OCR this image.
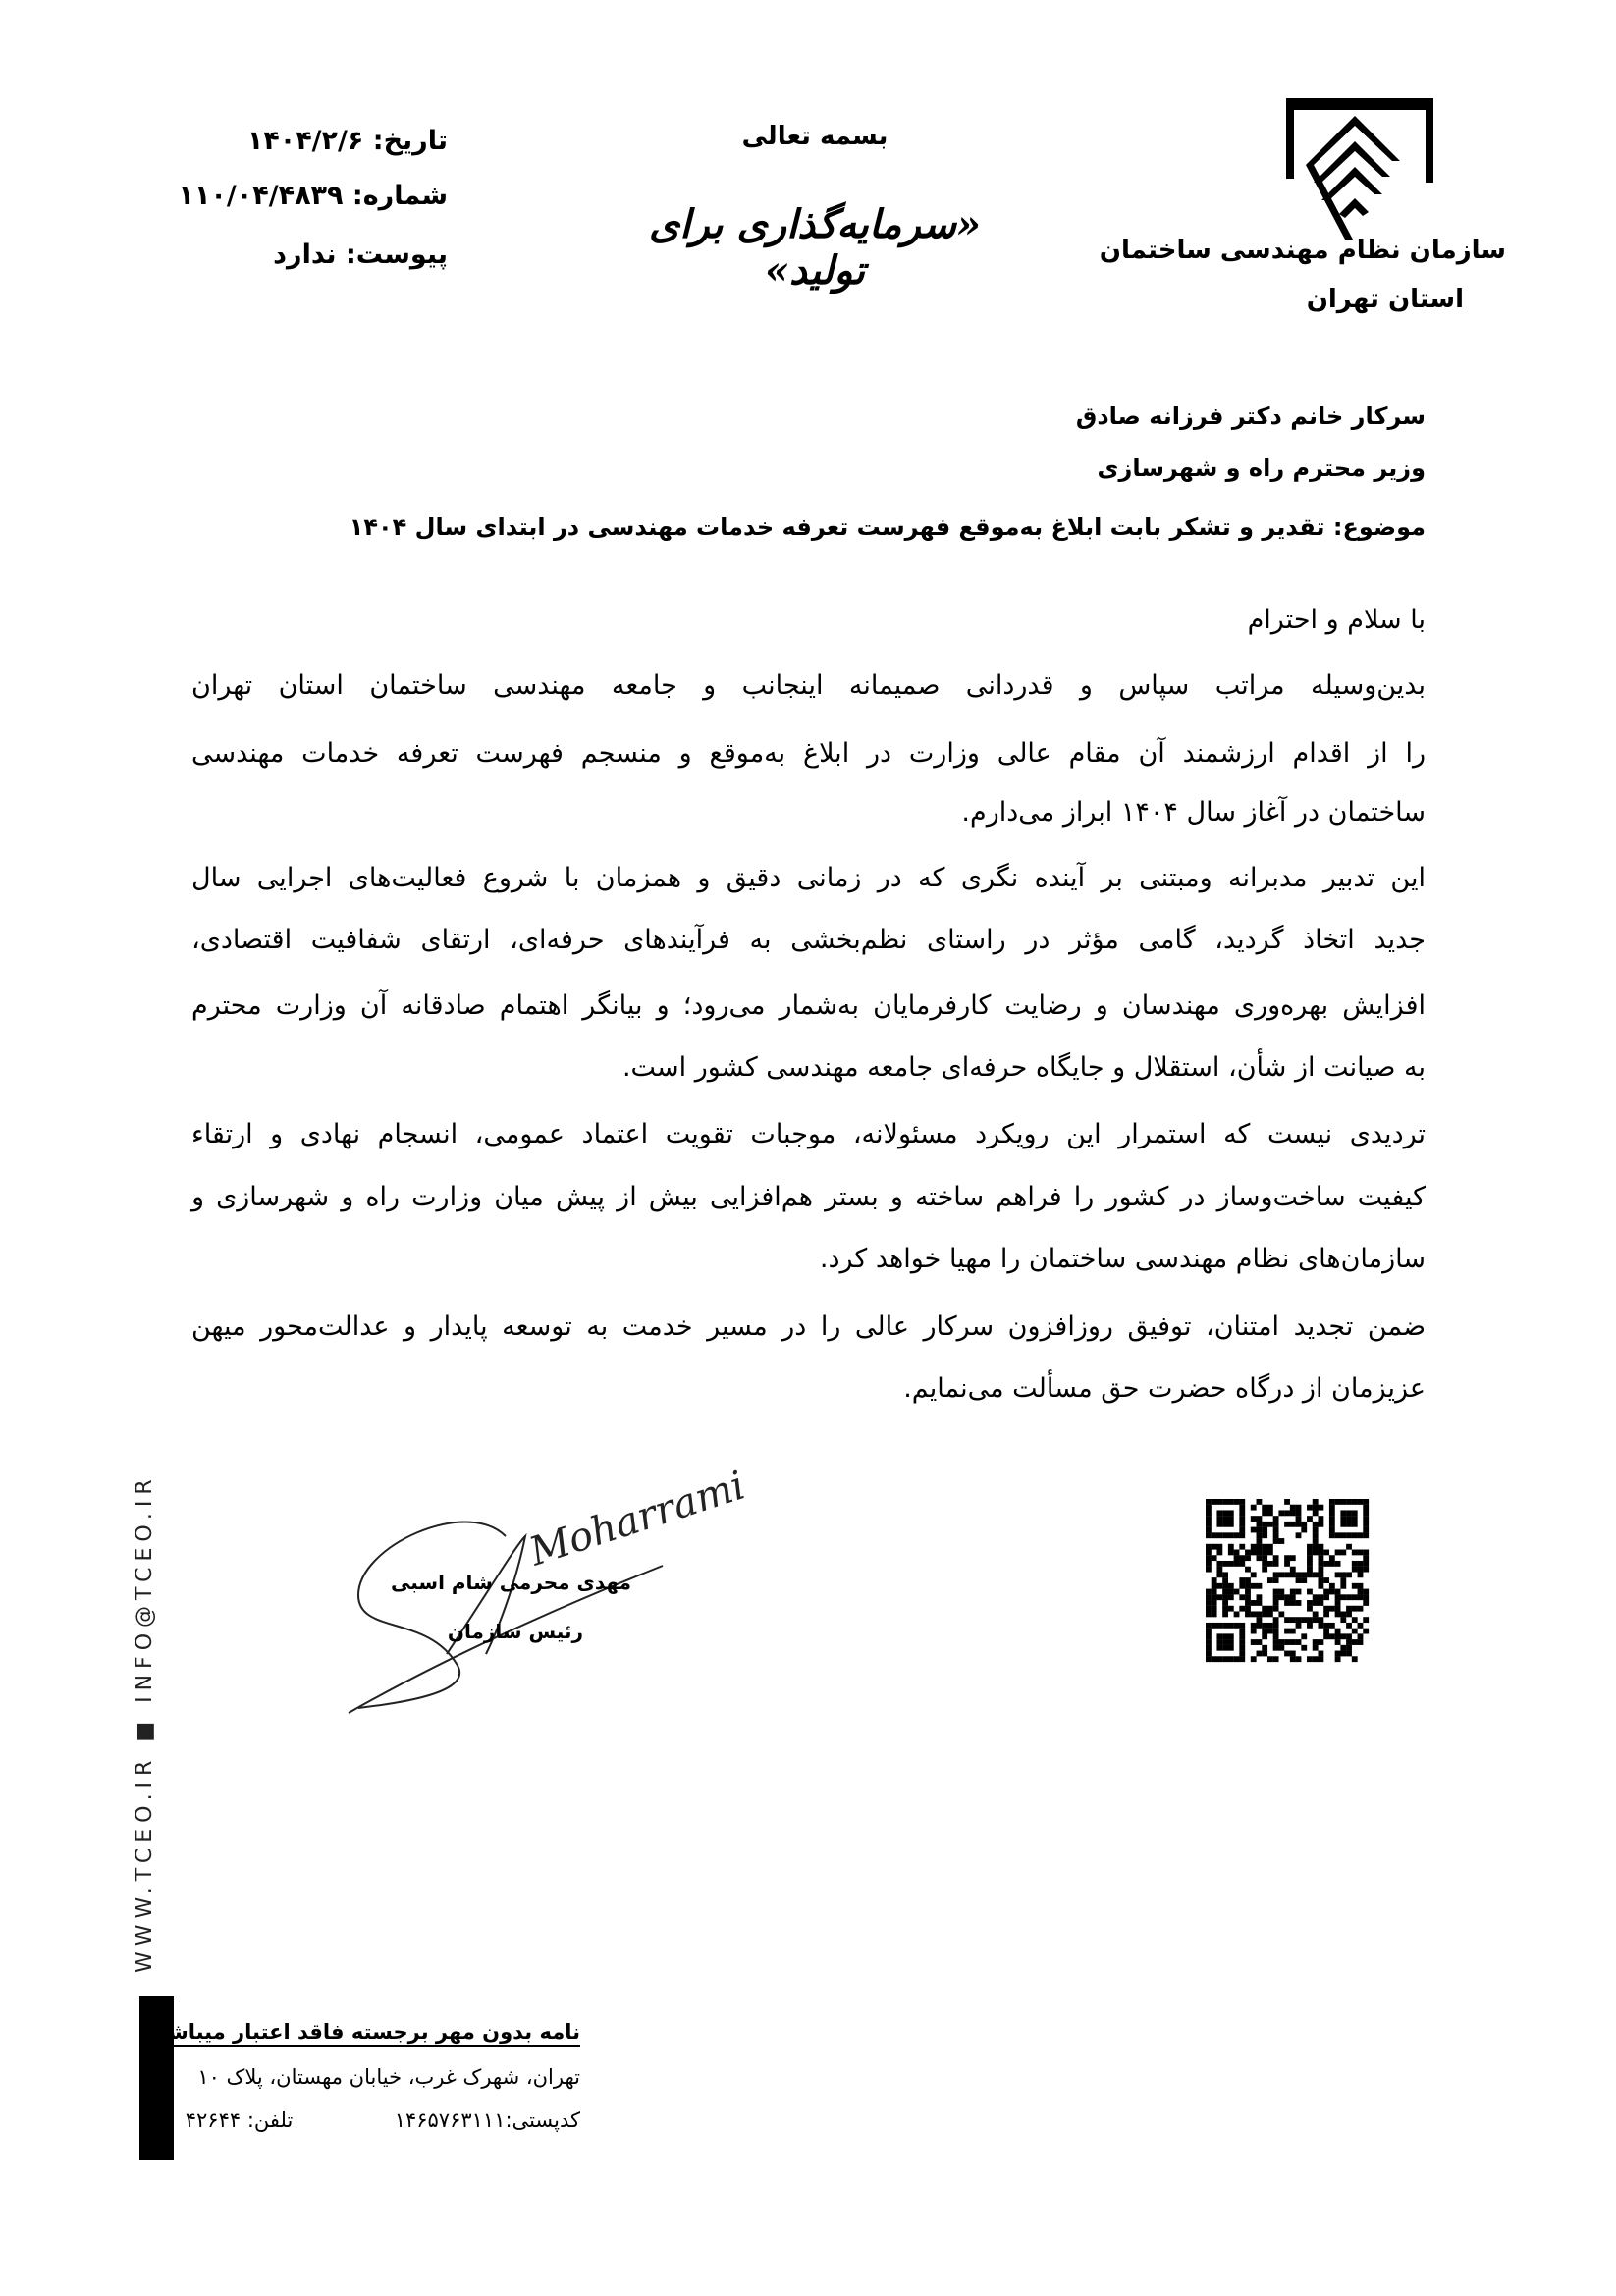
سازمان نظام مهندسی ساختمان
استان تهران
بسمه تعالی
«سرمایه‌گذاری برای تولید»
تاریخ: ۱۴۰۴/۲/۶
شماره: ۱۱۰/۰۴/۴۸۳۹
پیوست: ندارد
سرکار خانم دکتر فرزانه صادق
وزیر محترم راه و شهرسازی
موضوع: تقدیر و تشکر بابت ابلاغ به‌موقع فهرست تعرفه خدمات مهندسی در ابتدای سال ۱۴۰۴
با سلام و احترام
بدین‌وسیله مراتب سپاس و قدردانی صمیمانه اینجانب و جامعه مهندسی ساختمان استان تهران
را از اقدام ارزشمند آن مقام عالی وزارت در ابلاغ به‌موقع و منسجم فهرست تعرفه خدمات مهندسی
ساختمان در آغاز سال ۱۴۰۴ ابراز می‌دارم.
این تدبیر مدبرانه ومبتنی بر آینده نگری که در زمانی دقیق و همزمان با شروع فعالیت‌های اجرایی سال
جدید اتخاذ گردید، گامی مؤثر در راستای نظم‌بخشی به فرآیندهای حرفه‌ای، ارتقای شفافیت اقتصادی،
افزایش بهره‌وری مهندسان و رضایت کارفرمایان به‌شمار می‌رود؛ و بیانگر اهتمام صادقانه آن وزارت محترم
به صیانت از شأن، استقلال و جایگاه حرفه‌ای جامعه مهندسی کشور است.
تردیدی نیست که استمرار این رویکرد مسئولانه، موجبات تقویت اعتماد عمومی، انسجام نهادی و ارتقاء
کیفیت ساخت‌وساز در کشور را فراهم ساخته و بستر هم‌افزایی بیش از پیش میان وزارت راه و شهرسازی و
سازمان‌های نظام مهندسی ساختمان را مهیا خواهد کرد.
ضمن تجدید امتنان، توفیق روزافزون سرکار عالی را در مسیر خدمت به توسعه پایدار و عدالت‌محور میهن
عزیزمان از درگاه حضرت حق مسألت می‌نمایم.
Moharrami
مهدی محرمی شام اسبی
رئیس سازمان
WWW.TCEO.IR ■ INFO@TCEO.IR
نامه بدون مهر برجسته فاقد اعتبار میباشد
تهران، شهرک غرب، خیابان مهستان، پلاک ۱۰
کدپستی:۱۴۶۵۷۶۳۱۱۱  تلفن: ۴۲۶۴۴
